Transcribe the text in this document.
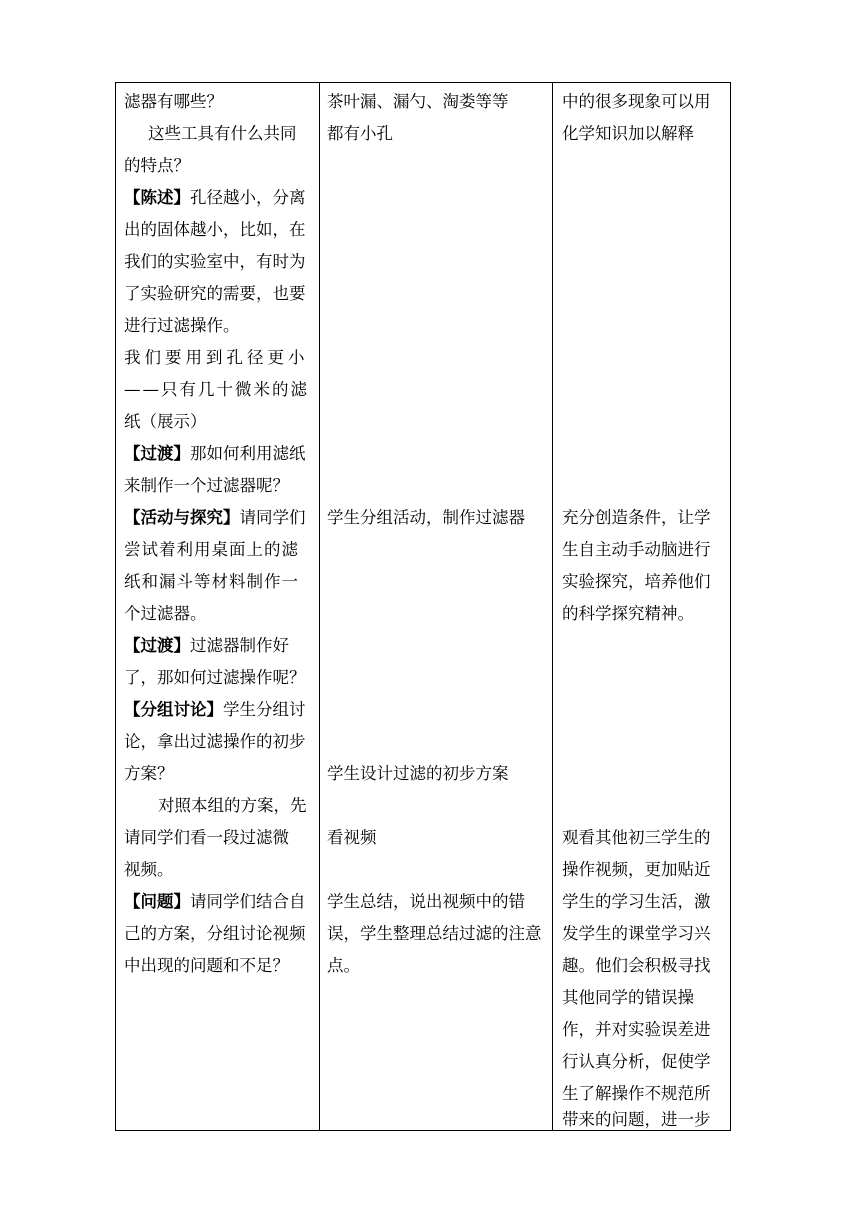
滤器有哪些？
这些工具有什么共同
的特点？
【陈述】孔径越小，分离
出的固体越小，比如，在
我们的实验室中，有时为
了实验研究的需要，也要
进行过滤操作。
我们要用到孔径更小
——只有几十微米的滤
纸（展示）
【过渡】那如何利用滤纸
来制作一个过滤器呢？
【活动与探究】请同学们
尝试着利用桌面上的滤
纸和漏斗等材料制作一
个过滤器。
【过渡】过滤器制作好
了，那如何过滤操作呢？
【分组讨论】学生分组讨
论，拿出过滤操作的初步
方案？
对照本组的方案，先
请同学们看一段过滤微
视频。
【问题】请同学们结合自
己的方案，分组讨论视频
中出现的问题和不足？
茶叶漏、漏勺、淘娄等等
都有小孔
学生分组活动，制作过滤器
学生设计过滤的初步方案
看视频
学生总结，说出视频中的错
误，学生整理总结过滤的注意
点。
中的很多现象可以用
化学知识加以解释
充分创造条件，让学
生自主动手动脑进行
实验探究，培养他们
的科学探究精神。
观看其他初三学生的
操作视频，更加贴近
学生的学习生活，激
发学生的课堂学习兴
趣。他们会积极寻找
其他同学的错误操
作，并对实验误差进
行认真分析，促使学
生了解操作不规范所
带来的问题，进一步
